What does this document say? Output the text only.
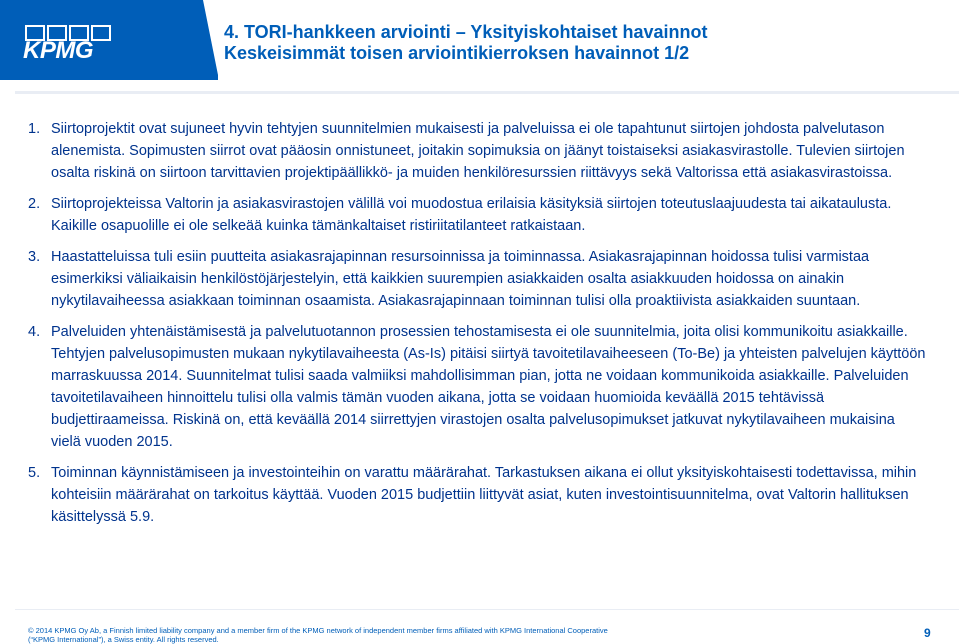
KPMG
4. TORI-hankkeen arviointi – Yksityiskohtaiset havainnot
Keskeisimmät toisen arviointikierroksen havainnot 1/2
1. Siirtoprojektit ovat sujuneet hyvin tehtyjen suunnitelmien mukaisesti ja palveluissa ei ole tapahtunut siirtojen johdosta palvelutason alenemista. Sopimusten siirrot ovat pääosin onnistuneet, joitakin sopimuksia on jäänyt toistaiseksi asiakasvirastolle. Tulevien siirtojen osalta riskinä on siirtoon tarvittavien projektipäällikkö- ja muiden henkilöresurssien riittävyys sekä Valtorissa että asiakasvirastoissa.
2. Siirtoprojekteissa Valtorin ja asiakasvirastojen välillä voi muodostua erilaisia käsityksiä siirtojen toteutuslaajuudesta tai aikataulusta. Kaikille osapuolille ei ole selkeää kuinka tämänkaltaiset ristiriitatilanteet ratkaistaan.
3. Haastatteluissa tuli esiin puutteita asiakasrajapinnan resursoinnissa ja toiminnassa. Asiakasrajapinnan hoidossa tulisi varmistaa esimerkiksi väliaikaisin henkilöstöjärjestelyin, että kaikkien suurempien asiakkaiden osalta asiakkuuden hoidossa on ainakin nykytilavaiheessa asiakkaan toiminnan osaamista. Asiakasrajapinnaan toiminnan tulisi olla proaktiivista asiakkaiden suuntaan.
4. Palveluiden yhtenäistämisestä ja palvelutuotannon prosessien tehostamisesta ei ole suunnitelmia, joita olisi kommunikoitu asiakkaille. Tehtyjen palvelusopimusten mukaan nykytilavaiheesta (As-Is) pitäisi siirtyä tavoitetilavaiheeseen (To-Be) ja yhteisten palvelujen käyttöön marraskuussa 2014. Suunnitelmat tulisi saada valmiiksi mahdollisimman pian, jotta ne voidaan kommunikoida asiakkaille. Palveluiden tavoitetilavaiheen hinnoittelu tulisi olla valmis tämän vuoden aikana, jotta se voidaan huomioida keväällä 2015 tehtävissä budjettiraameissa. Riskinä on, että keväällä 2014 siirrettyjen virastojen osalta palvelusopimukset jatkuvat nykytilavaiheen mukaisina vielä vuoden 2015.
5. Toiminnan käynnistämiseen ja investointeihin on varattu määrärahat. Tarkastuksen aikana ei ollut yksityiskohtaisesti todettavissa, mihin kohteisiin määrärahat on tarkoitus käyttää. Vuoden 2015 budjettiin liittyvät asiat, kuten investointisuunnitelma, ovat Valtorin hallituksen käsittelyssä 5.9.
© 2014 KPMG Oy Ab, a Finnish limited liability company and a member firm of the KPMG network of independent member firms affiliated with KPMG International Cooperative
(“KPMG International”), a Swiss entity. All rights reserved.	9
